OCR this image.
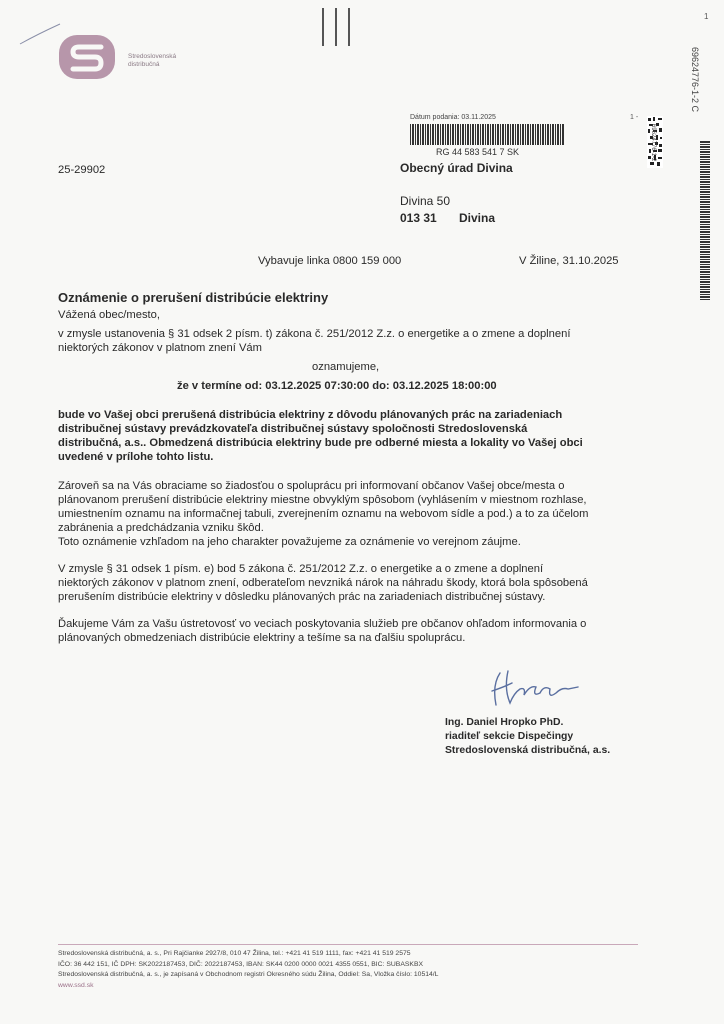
Stredoslovenská
distribučná
Dátum podania: 03.11.2025
RG 44 583 541 7 SK
1 -
69624776-1-2
1
69624776-1-2 C
25-29902	Obecný úrad Divina
Divina 50
013 31 Divina
Vybavuje linka 0800 159 000	V Žiline, 31.10.2025
Oznámenie o prerušení distribúcie elektriny
Vážená obec/mesto,
v zmysle ustanovenia § 31 odsek 2 písm. t) zákona č. 251/2012 Z.z. o energetike a o zmene a doplnení
niektorých zákonov v platnom znení Vám
oznamujeme,
že v termíne od: 03.12.2025 07:30:00 do: 03.12.2025 18:00:00
bude vo Vašej obci prerušená distribúcia elektriny z dôvodu plánovaných prác na zariadeniach
distribučnej sústavy prevádzkovateľa distribučnej sústavy spoločnosti Stredoslovenská
distribučná, a.s.. Obmedzená distribúcia elektriny bude pre odberné miesta a lokality vo Vašej obci
uvedené v prílohe tohto listu.
Zároveň sa na Vás obraciame so žiadosťou o spoluprácu pri informovaní občanov Vašej obce/mesta o
plánovanom prerušení distribúcie elektriny miestne obvyklým spôsobom (vyhlásením v miestnom rozhlase,
umiestnením oznamu na informačnej tabuli, zverejnením oznamu na webovom sídle a pod.) a to za účelom
zabránenia a predchádzania vzniku škôd.
Toto oznámenie vzhľadom na jeho charakter považujeme za oznámenie vo verejnom záujme.
V zmysle § 31 odsek 1 písm. e) bod 5 zákona č. 251/2012 Z.z. o energetike a o zmene a doplnení
niektorých zákonov v platnom znení, odberateľom nevzniká nárok na náhradu škody, ktorá bola spôsobená
prerušením distribúcie elektriny v dôsledku plánovaných prác na zariadeniach distribučnej sústavy.
Ďakujeme Vám za Vašu ústretovosť vo veciach poskytovania služieb pre občanov ohľadom informovania o
plánovaných obmedzeniach distribúcie elektriny a tešíme sa na ďalšiu spoluprácu.
Ing. Daniel Hropko PhD.
riaditeľ sekcie Dispečingy
Stredoslovenská distribučná, a.s.
Stredoslovenská distribučná, a. s., Pri Rajčianke 2927/8, 010 47 Žilina, tel.: +421 41 519 1111, fax: +421 41 519 2575
IČO: 36 442 151, IČ DPH: SK2022187453, DIČ: 2022187453, IBAN: SK44 0200 0000 0021 4355 0551, BIC: SUBASKBX
Stredoslovenská distribučná, a. s., je zapísaná v Obchodnom registri Okresného súdu Žilina, Oddiel: Sa, Vložka číslo: 10514/L
www.ssd.sk
